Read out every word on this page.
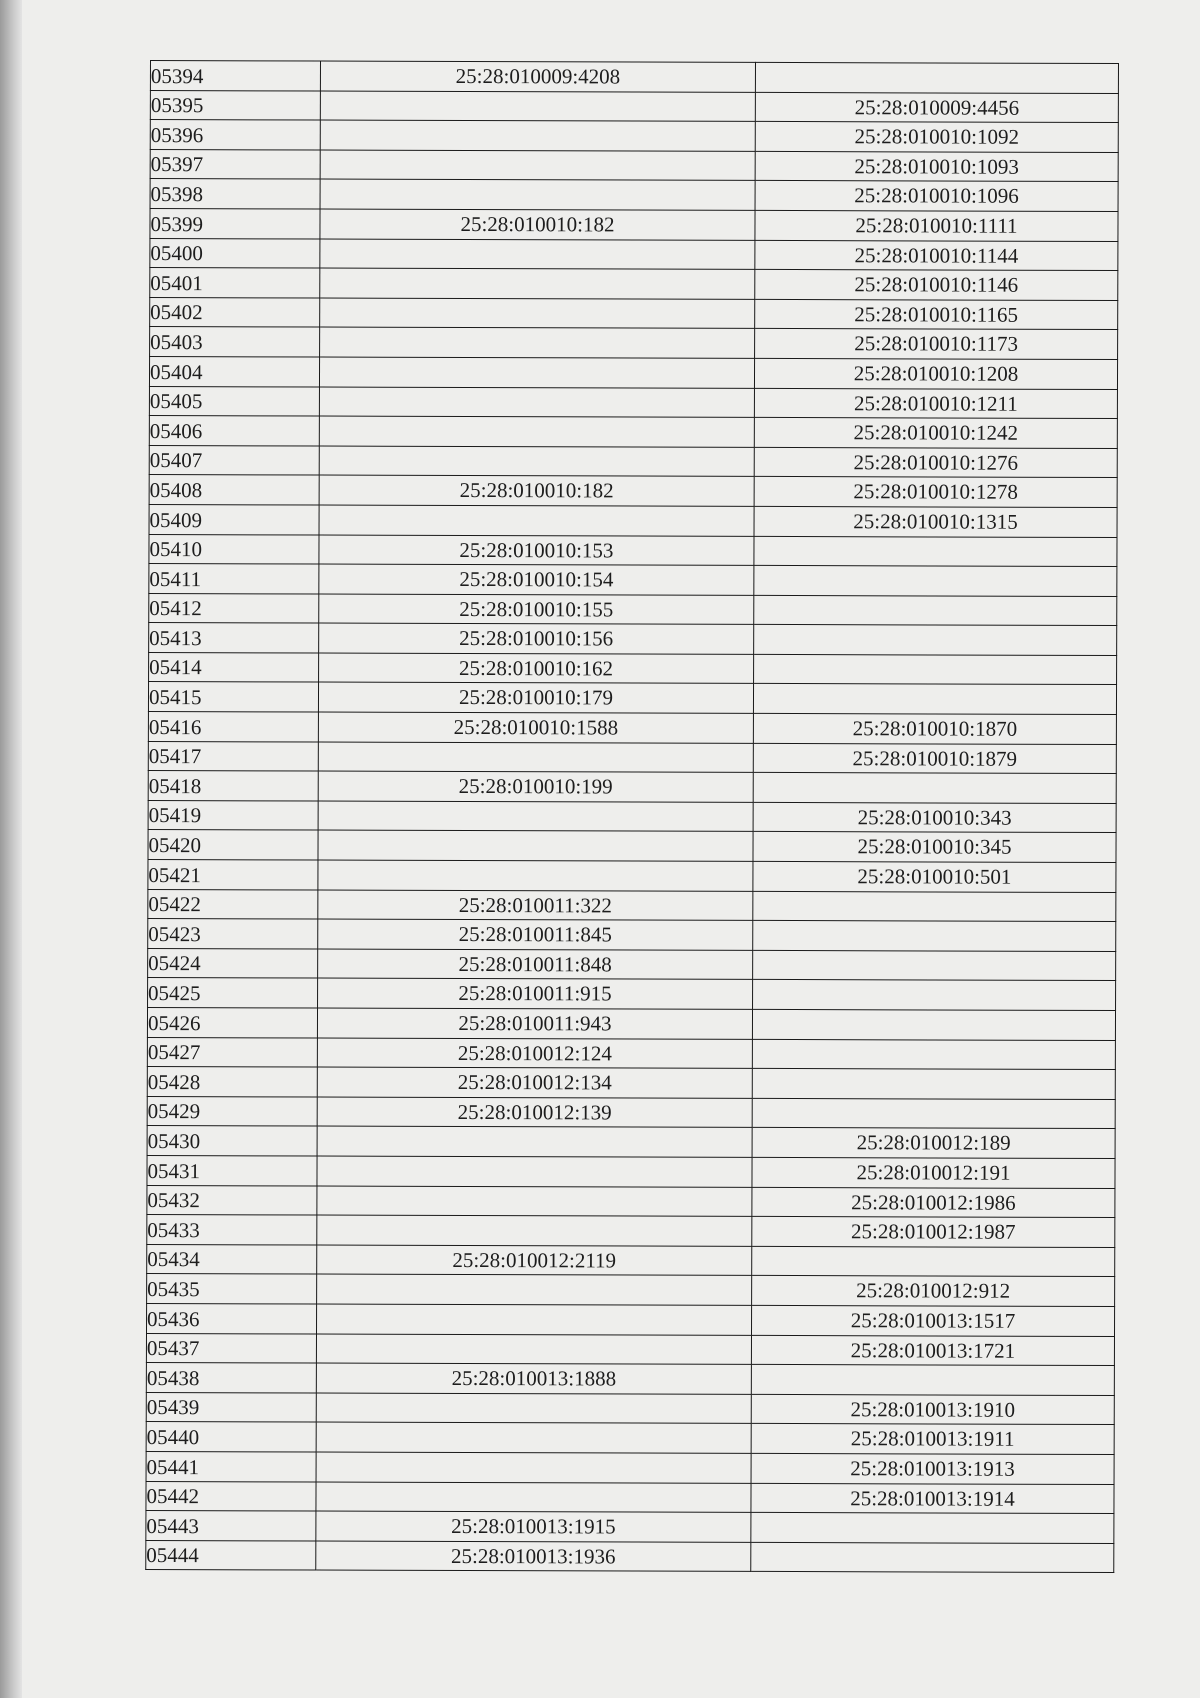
05394	25:28:010009:4208	
05395		25:28:010009:4456
05396		25:28:010010:1092
05397		25:28:010010:1093
05398		25:28:010010:1096
05399	25:28:010010:182	25:28:010010:1111
05400		25:28:010010:1144
05401		25:28:010010:1146
05402		25:28:010010:1165
05403		25:28:010010:1173
05404		25:28:010010:1208
05405		25:28:010010:1211
05406		25:28:010010:1242
05407		25:28:010010:1276
05408	25:28:010010:182	25:28:010010:1278
05409		25:28:010010:1315
05410	25:28:010010:153	
05411	25:28:010010:154	
05412	25:28:010010:155	
05413	25:28:010010:156	
05414	25:28:010010:162	
05415	25:28:010010:179	
05416	25:28:010010:1588	25:28:010010:1870
05417		25:28:010010:1879
05418	25:28:010010:199	
05419		25:28:010010:343
05420		25:28:010010:345
05421		25:28:010010:501
05422	25:28:010011:322	
05423	25:28:010011:845	
05424	25:28:010011:848	
05425	25:28:010011:915	
05426	25:28:010011:943	
05427	25:28:010012:124	
05428	25:28:010012:134	
05429	25:28:010012:139	
05430		25:28:010012:189
05431		25:28:010012:191
05432		25:28:010012:1986
05433		25:28:010012:1987
05434	25:28:010012:2119	
05435		25:28:010012:912
05436		25:28:010013:1517
05437		25:28:010013:1721
05438	25:28:010013:1888	
05439		25:28:010013:1910
05440		25:28:010013:1911
05441		25:28:010013:1913
05442		25:28:010013:1914
05443	25:28:010013:1915	
05444	25:28:010013:1936	
